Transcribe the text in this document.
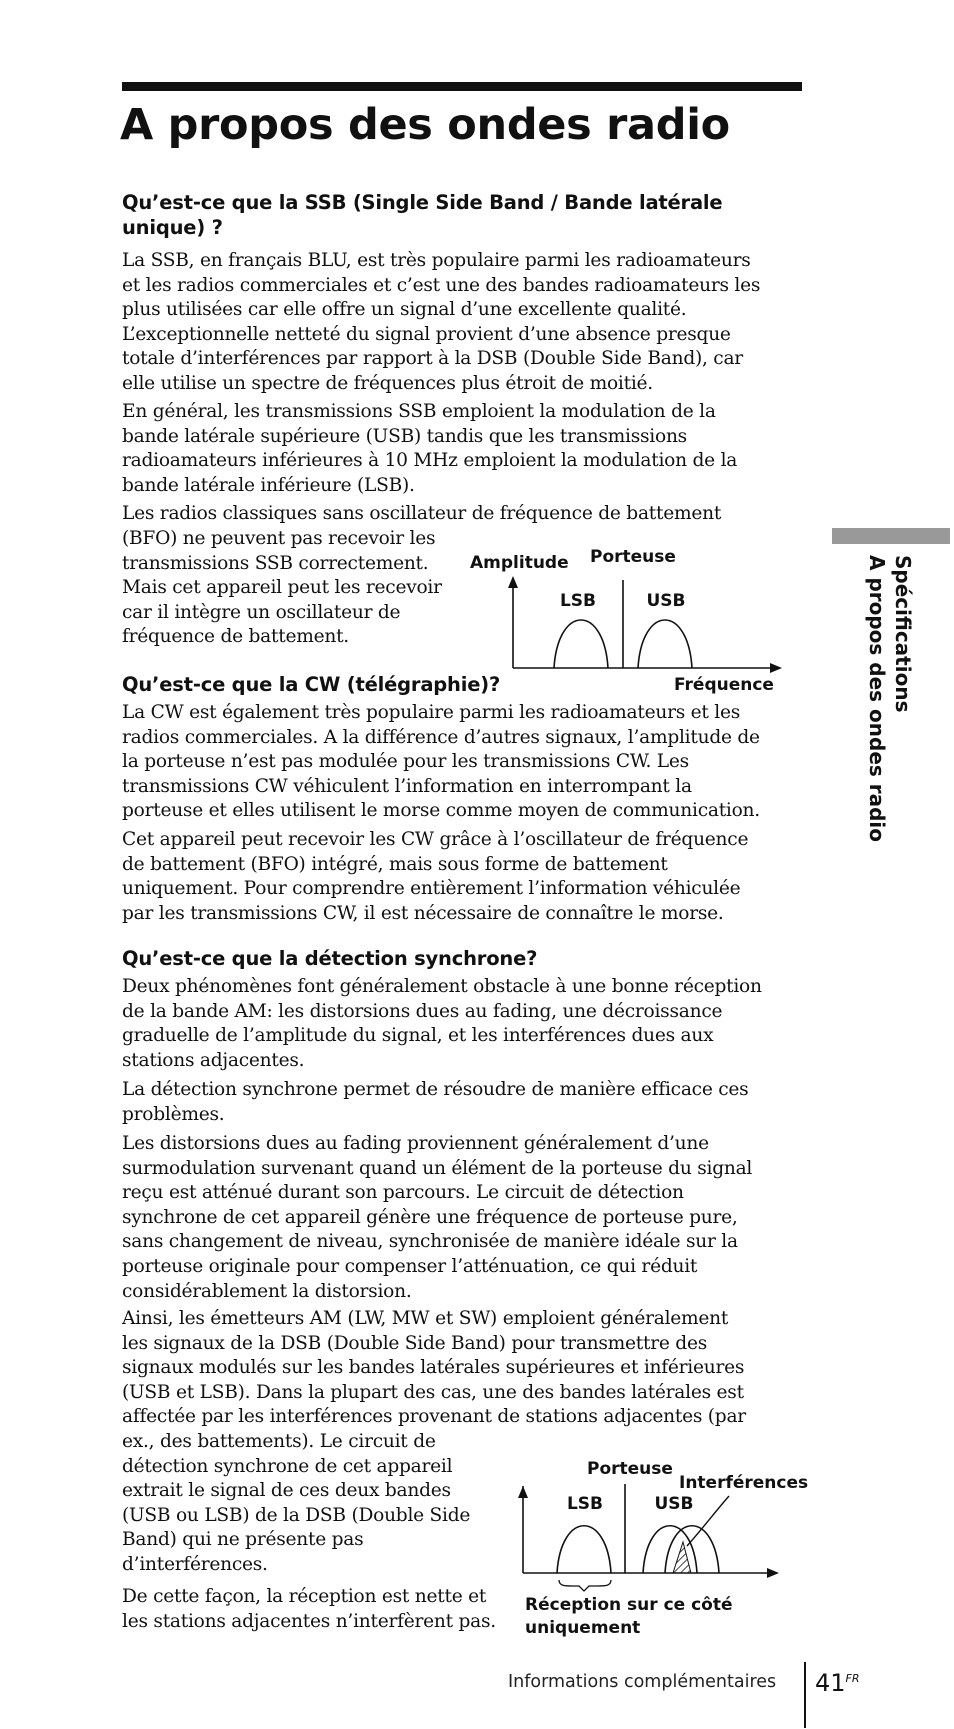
A propos des ondes radio
Qu’est-ce que la SSB (Single Side Band / Bande latérale
unique) ?

La SSB, en français BLU, est très populaire parmi les radioamateurs
et les radios commerciales et c’est une des bandes radioamateurs les
plus utilisées car elle offre un signal d’une excellente qualité.
L’exceptionnelle netteté du signal provient d’une absence presque
totale d’interférences par rapport à la DSB (Double Side Band), car
elle utilise un spectre de fréquences plus étroit de moitié.

En général, les transmissions SSB emploient la modulation de la
bande latérale supérieure (USB) tandis que les transmissions
radioamateurs inférieures à 10 MHz emploient la modulation de la
bande latérale inférieure (LSB).

Les radios classiques sans oscillateur de fréquence de battement

(BFO) ne peuvent pas recevoir les
transmissions SSB correctement.
Mais cet appareil peut les recevoir
car il intègre un oscillateur de
fréquence de battement.

Amplitude Porteuse
LSB	USB
Fréquence
Qu’est-ce que la CW (télégraphie)?

La CW est également très populaire parmi les radioamateurs et les
radios commerciales. A la différence d’autres signaux, l’amplitude de
la porteuse n’est pas modulée pour les transmissions CW. Les
transmissions CW véhiculent l’information en interrompant la
porteuse et elles utilisent le morse comme moyen de communication.

Cet appareil peut recevoir les CW grâce à l’oscillateur de fréquence
de battement (BFO) intégré, mais sous forme de battement
uniquement. Pour comprendre entièrement l’information véhiculée
par les transmissions CW, il est nécessaire de connaître le morse.

Qu’est-ce que la détection synchrone?

Deux phénomènes font généralement obstacle à une bonne réception
de la bande AM: les distorsions dues au fading, une décroissance
graduelle de l’amplitude du signal, et les interférences dues aux
stations adjacentes.

La détection synchrone permet de résoudre de manière efficace ces
problèmes.

Les distorsions dues au fading proviennent généralement d’une
surmodulation survenant quand un élément de la porteuse du signal
reçu est atténué durant son parcours. Le circuit de détection
synchrone de cet appareil génère une fréquence de porteuse pure,
sans changement de niveau, synchronisée de manière idéale sur la
porteuse originale pour compenser l’atténuation, ce qui réduit
considérablement la distorsion.

Ainsi, les émetteurs AM (LW, MW et SW) emploient généralement
les signaux de la DSB (Double Side Band) pour transmettre des
signaux modulés sur les bandes latérales supérieures et inférieures
(USB et LSB). Dans la plupart des cas, une des bandes latérales est
affectée par les interférences provenant de stations adjacentes (par

ex., des battements). Le circuit de
détection synchrone de cet appareil
extrait le signal de ces deux bandes
(USB ou LSB) de la DSB (Double Side
Band) qui ne présente pas
d’interférences.

De cette façon, la réception est nette et
les stations adjacentes n’interfèrent pas.

Porteuse
Interférences
LSB	USB
Réception sur ce côté
uniquement
Spécifications
A propos des ondes radio
Informations complémentaires $41^{FR}$
